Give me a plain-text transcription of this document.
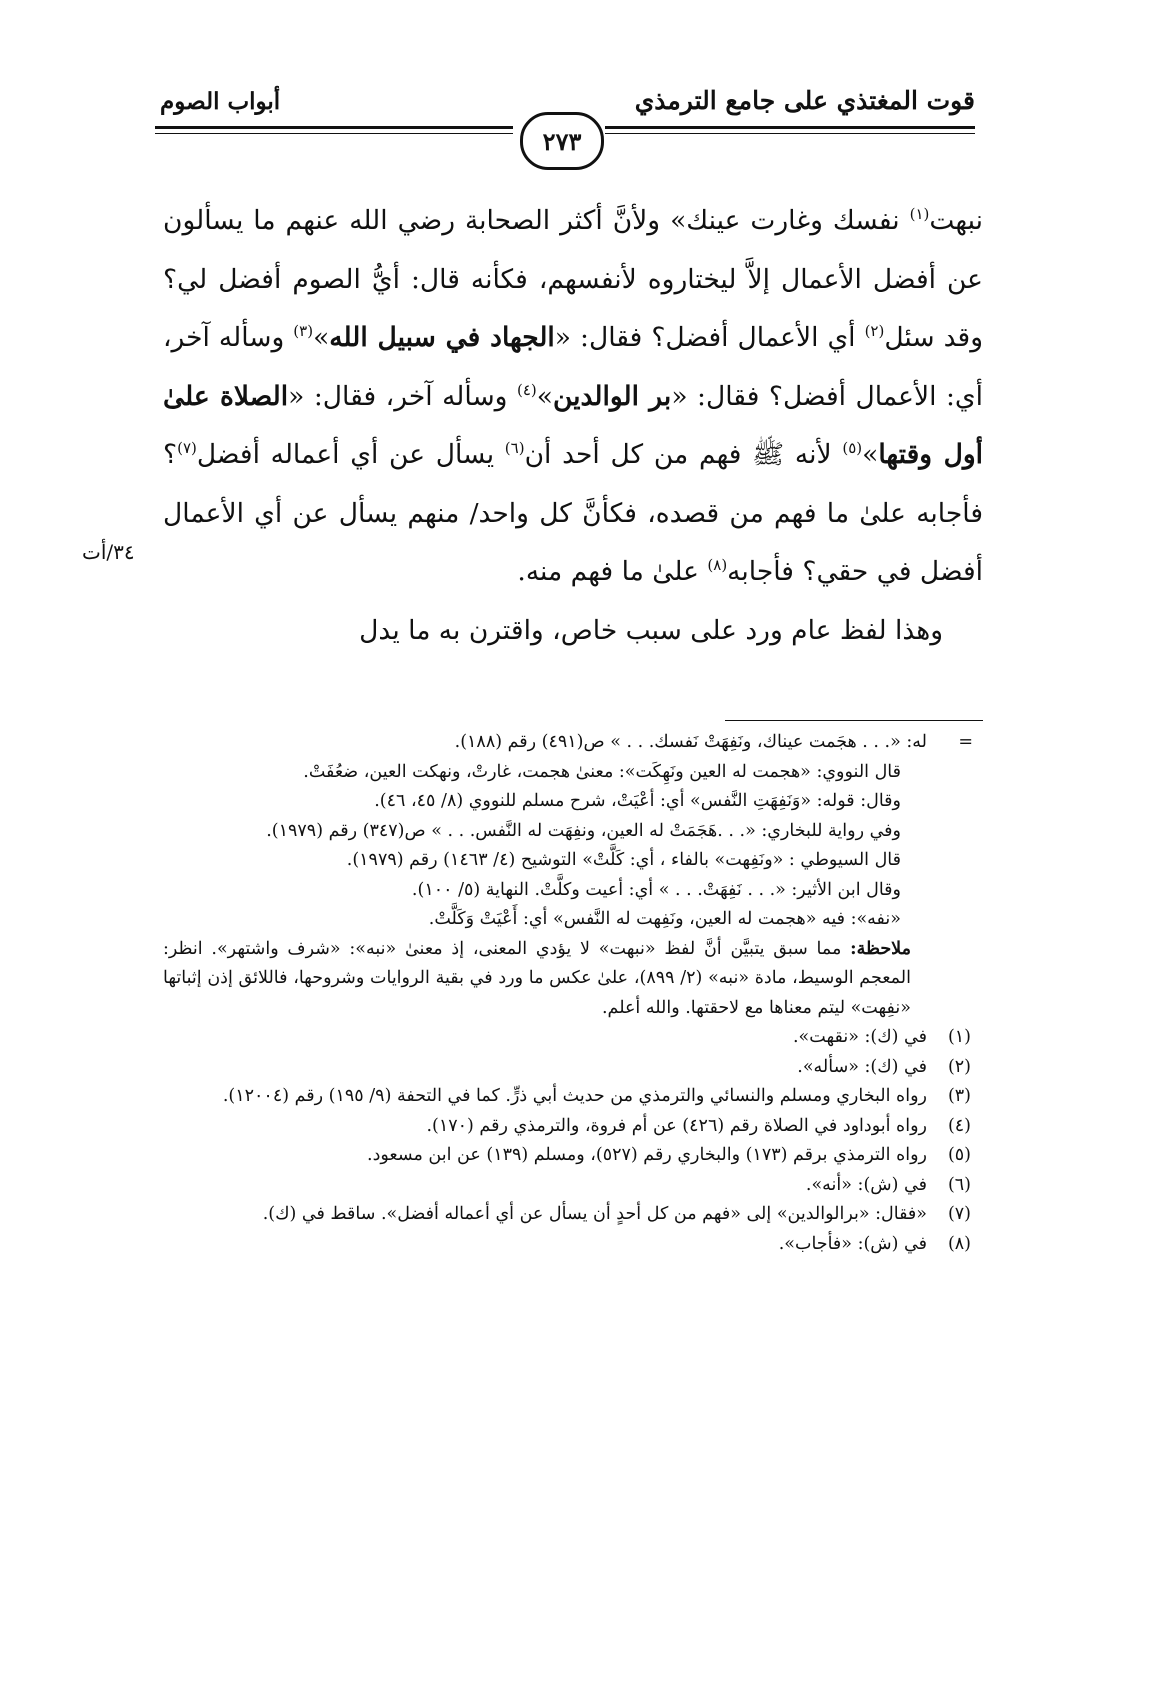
قوت المغتذي على جامع الترمذي
أبواب الصوم
٢٧٣

نبهت$^{(١)}$ نفسك وغارت عينك» ولأنَّ أكثر الصحابة رضي الله عنهم ما يسألون عن أفضل الأعمال إلاَّ ليختاروه لأنفسهم، فكأنه قال: أيُّ الصوم أفضل لي؟ وقد سئل$^{(٢)}$ أي الأعمال أفضل؟ فقال: «الجهاد في سبيل الله»$^{(٣)}$ وسأله آخر، أي: الأعمال أفضل؟ فقال: «بر الوالدين»$^{(٤)}$ وسأله آخر، فقال: «الصلاة علىٰ أول وقتها»$^{(٥)}$ لأنه ﷺ فهم من كل أحد أن$^{(٦)}$ يسأل عن أي أعماله أفضل$^{(٧)}$؟ فأجابه علىٰ ما فهم من قصده، فكأنَّ كل واحد/ منهم يسأل عن أي الأعمال أفضل في حقي؟ فأجابه$^{(٨)}$ علىٰ ما فهم منه.

وهذا لفظ عام ورد على سبب خاص، واقترن به ما يدل

٣٤/أت
=
له: «. . . هجَمت عيناك، ونَفِهَتْ نَفسك. . . » ص(٤٩١) رقم (١٨٨).
قال النووي: «هجمت له العين ونَهِكَت»: معنىٰ هجمت، غارتْ، ونهكت العين، ضعُفَتْ.
وقال: قوله: «وَنَفِهَتِ النَّفس» أي: أعْيَتْ، شرح مسلم للنووي (٨/ ٤٥، ٤٦).
وفي رواية للبخاري: «. . .هَجَمَتْ له العين، ونفِهَت له النَّفس. . . » ص(٣٤٧) رقم (١٩٧٩).
قال السيوطي : «ونَفِهت» بالفاء ، أي: كَلَّتْ» التوشيح (٤/ ١٤٦٣) رقم (١٩٧٩).
وقال ابن الأثير: «. . . نَفِهَتْ. . . » أي: أعيت وكلَّتْ. النهاية (٥/ ١٠٠).
«نفه»: فيه «هجمت له العين، ونَفِهت له النَّفس» أي: أَعْيَتْ وَكَلَّتْ.
ملاحظة: مما سبق يتبيَّن أنَّ لفظ «نبهت» لا يؤدي المعنى، إذ معنىٰ «نبه»: «شرف واشتهر». انظر: المعجم الوسيط، مادة «نبه» (٢/ ٨٩٩)، علىٰ عكس ما ورد في بقية الروايات وشروحها، فاللائق إذن إثباتها «نفِهت» ليتم معناها مع لاحقتها. والله أعلم.
(١)
في (ك): «نقهت».
(٢)
في (ك): «سأله».
(٣)
رواه البخاري ومسلم والنسائي والترمذي من حديث أبي ذرٍّ. كما في التحفة (٩/ ١٩٥) رقم (١٢٠٠٤).
(٤)
رواه أبوداود في الصلاة رقم (٤٢٦) عن أم فروة، والترمذي رقم (١٧٠).
(٥)
رواه الترمذي برقم (١٧٣) والبخاري رقم (٥٢٧)، ومسلم (١٣٩) عن ابن مسعود.
(٦)
في (ش): «أنه».
(٧)
«فقال: «برالوالدين» إلى «فهم من كل أحدٍ أن يسأل عن أي أعماله أفضل». ساقط في (ك).
(٨)
في (ش): «فأجاب».
